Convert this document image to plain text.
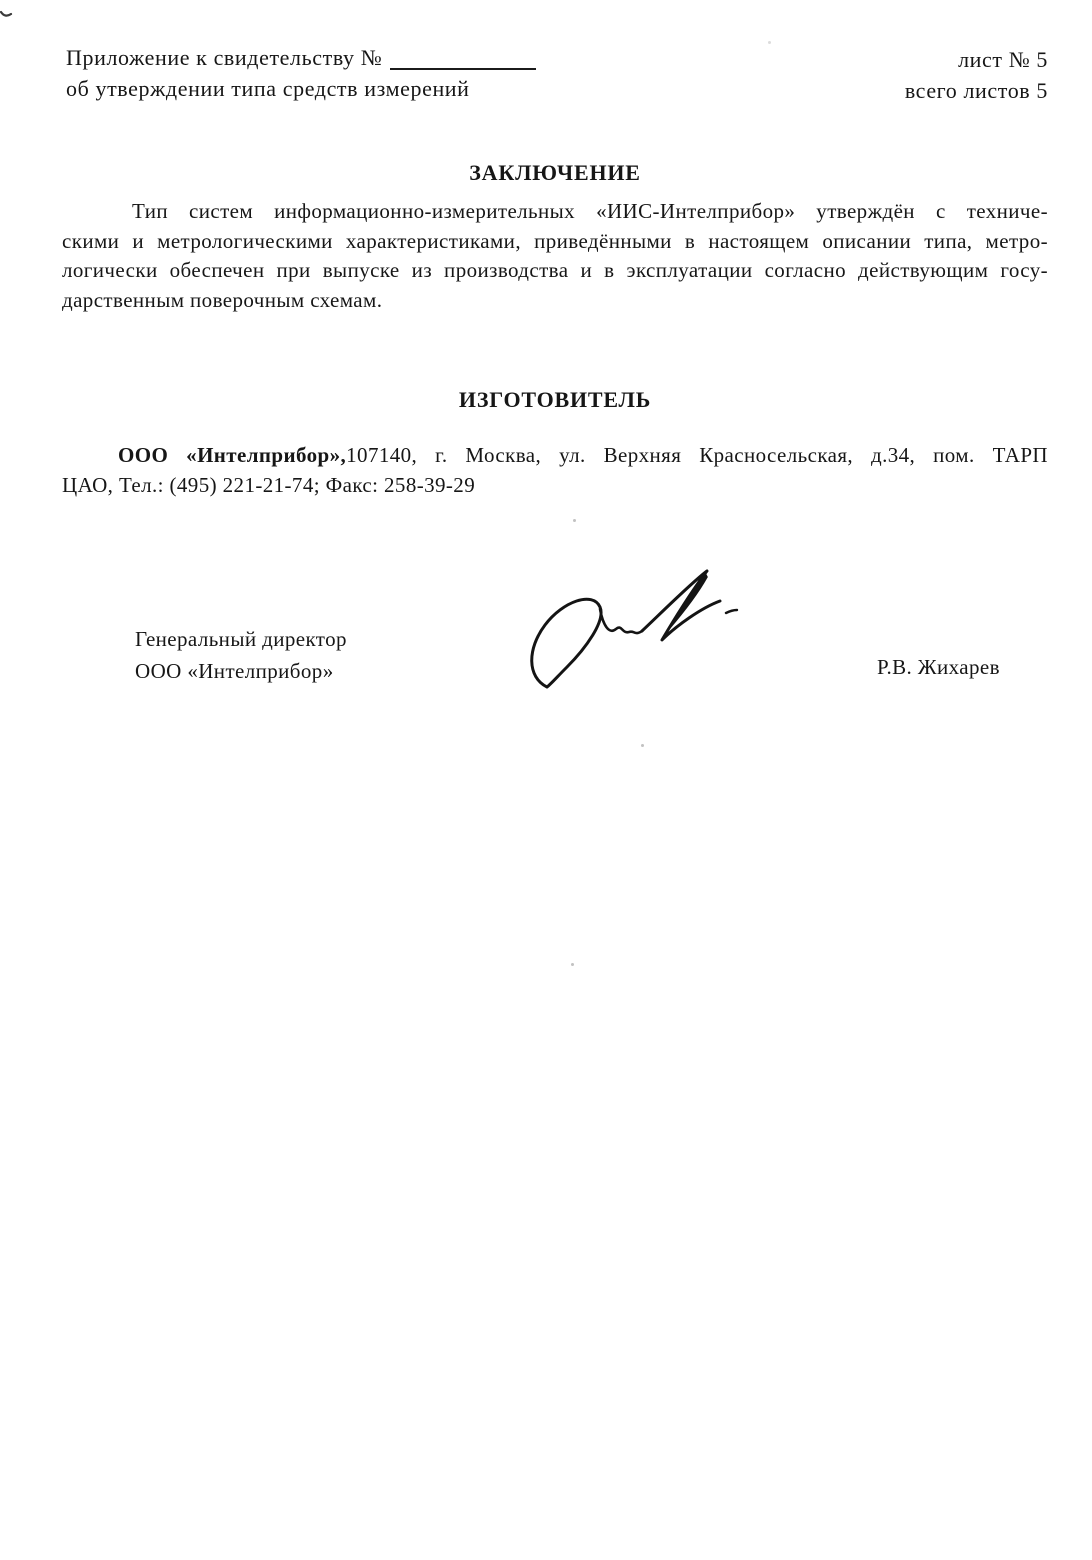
Приложение к свидетельству №
об утверждении типа средств измерений
лист № 5
всего листов 5
ЗАКЛЮЧЕНИЕ
Тип систем информационно-измерительных «ИИС-Интелприбор» утверждён с техниче-
скими и метрологическими характеристиками, приведёнными в настоящем описании типа, метро-
логически обеспечен при выпуске из производства и в эксплуатации согласно действующим госу-
дарственным поверочным схемам.
ИЗГОТОВИТЕЛЬ
ООО «Интелприбор»,107140, г. Москва, ул. Верхняя Красносельская, д.34, пом. ТАРП
ЦАО, Тел.: (495) 221-21-74; Факс: 258-39-29
Генеральный директор
ООО «Интелприбор»	Р.В. Жихарев
